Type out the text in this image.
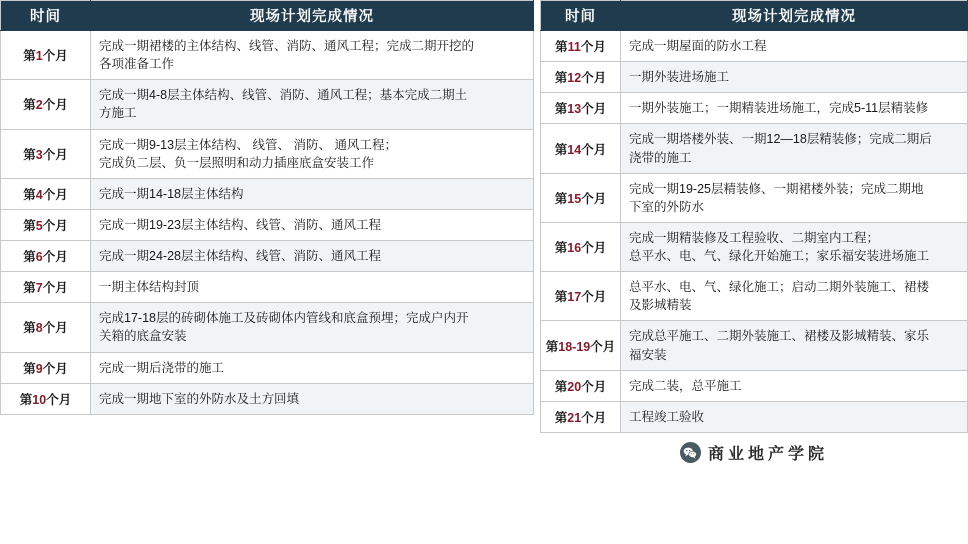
时间	现场计划完成情况
第1个月	完成一期裙楼的主体结构、线管、消防、通风工程；完成二期开挖的
各项准备工作

第2个月	完成一期4-8层主体结构、线管、消防、通风工程；基本完成二期土
方施工

第3个月	完成一期9-13层主体结构、 线管、 消防、 通风工程；
完成负二层、负一层照明和动力插座底盒安装工作

第4个月	完成一期14-18层主体结构

第5个月	完成一期19-23层主体结构、线管、消防、通风工程

第6个月	完成一期24-28层主体结构、线管、消防、通风工程

第7个月	一期主体结构封顶

第8个月	完成17-18层的砖砌体施工及砖砌体内管线和底盒预埋；完成户内开
关箱的底盒安装

第9个月	完成一期后浇带的施工

第10个月	完成一期地下室的外防水及土方回填
时间	现场计划完成情况
第11个月	完成一期屋面的防水工程

第12个月	一期外装进场施工

第13个月	一期外装施工；一期精装进场施工，完成5-11层精装修

第14个月	完成一期塔楼外装、一期12—18层精装修；完成二期后
浇带的施工

第15个月	完成一期19-25层精装修、一期裙楼外装；完成二期地
下室的外防水

第16个月	完成一期精装修及工程验收、二期室内工程；
总平水、电、气、绿化开始施工；家乐福安装进场施工

第17个月	总平水、电、气、绿化施工；启动二期外装施工、裙楼
及影城精装

第18-19个月	完成总平施工、二期外装施工、裙楼及影城精装、家乐
福安装

第20个月	完成二装，总平施工

第21个月	工程竣工验收

商业地产学院	
